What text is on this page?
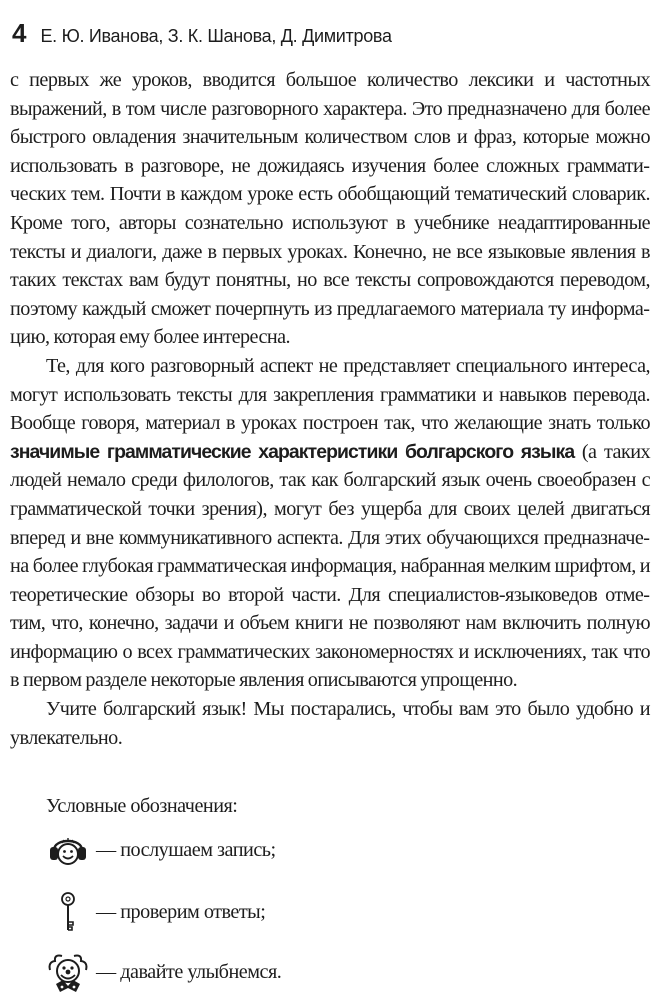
4 Е. Ю. Иванова, З. К. Шанова, Д. Димитрова

с первых же уроков, вводится большое количество лексики и частотных выражений, в том числе разговорного характера. Это предназначено для более быстрого овладения значительным количеством слов и фраз, которые можно использовать в разговоре, не дожидаясь изучения более сложных грамматических тем. Почти в каждом уроке есть обобщающий тематический словарик. Кроме того, авторы сознательно используют в учебнике неадаптированные тексты и диалоги, даже в первых уроках. Конечно, не все языковые явления в таких текстах вам будут понятны, но все тексты сопровождаются переводом, поэтому каждый сможет почерпнуть из предлагаемого материала ту информацию, которая ему более интересна.

Те, для кого разговорный аспект не представляет специального интереса, могут использовать тексты для закрепления грамматики и навыков перевода. Вообще говоря, материал в уроках построен так, что желающие знать только значимые грамматические характеристики болгарского языка (а таких людей немало среди филологов, так как болгарский язык очень своеобразен с грамматической точки зрения), могут без ущерба для своих целей двигаться вперед и вне коммуникативного аспекта. Для этих обучающихся предназначена более глубокая грамматическая информация, набранная мелким шрифтом, и теоретические обзоры во второй части. Для специалистов-языковедов отметим, что, конечно, задачи и объем книги не позволяют нам включить полную информацию о всех грамматических закономерностях и исключениях, так что в первом разделе некоторые явления описываются упрощенно.

Учите болгарский язык! Мы постарались, чтобы вам это было удобно и увлекательно.

Условные обозначения:
— послушаем запись;
— проверим ответы;
— давайте улыбнемся.
